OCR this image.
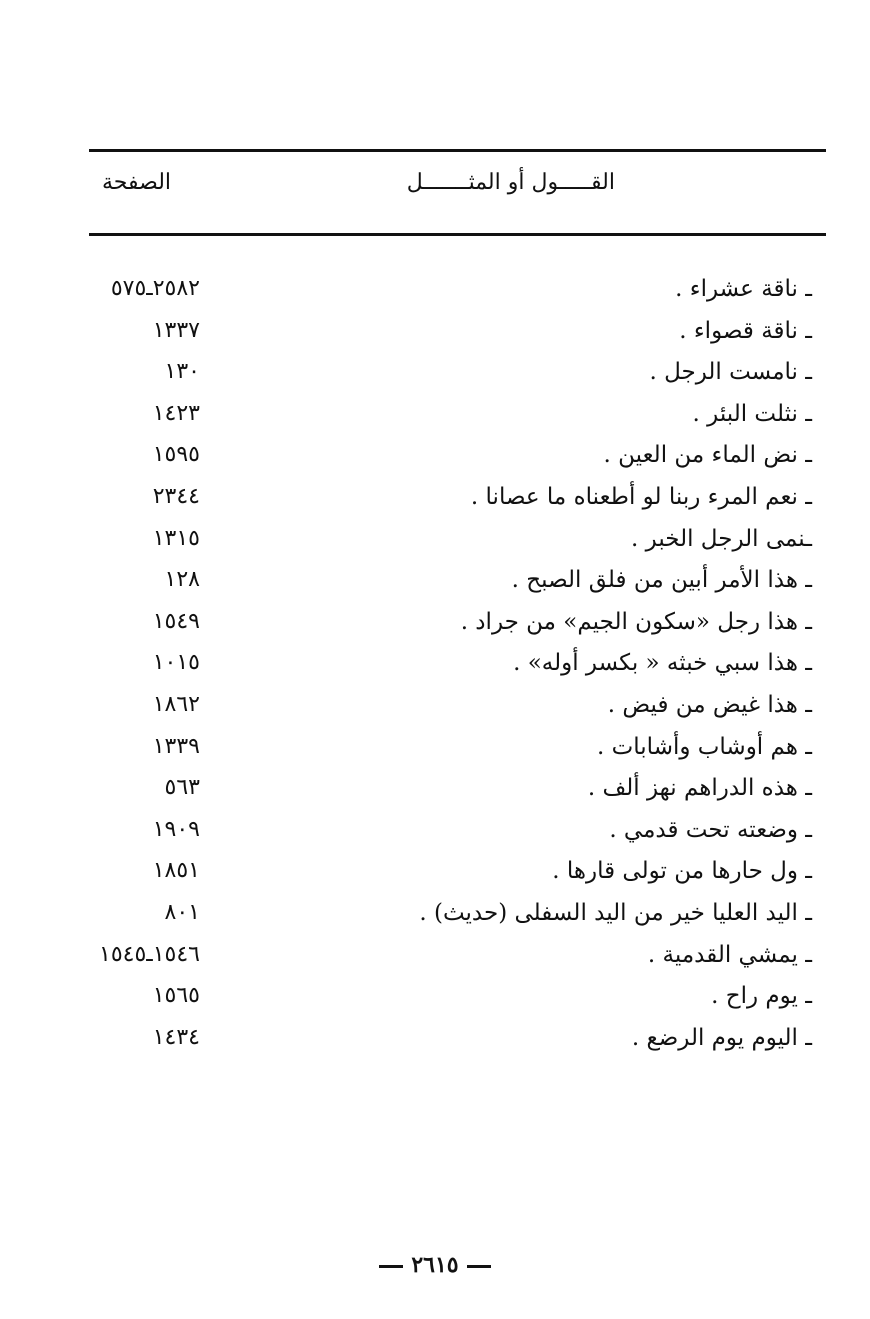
القـــــول أو المثـــــــل
الصفحة
ـ ناقة عشراء .
٢٥٨٢ـ٥٧٥
ـ ناقة قصواء .
١٣٣٧
ـ نامست الرجل .
١٣٠
ـ نثلت البئر .
١٤٢٣
ـ نض الماء من العين .
١٥٩٥
ـ نعم المرء ربنا لو أطعناه ما عصانا .
٢٣٤٤
ـنمى الرجل الخبر .
١٣١٥
ـ هذا الأمر أبين من فلق الصبح .
١٢٨
ـ هذا رجل «سكون الجيم» من جراد .
١٥٤٩
ـ هذا سبي خبثه « بكسر أوله» .
١٠١٥
ـ هذا غيض من فيض .
١٨٦٢
ـ هم أوشاب وأشابات .
١٣٣٩
ـ هذه الدراهم نهز ألف .
٥٦٣
ـ وضعته تحت قدمي .
١٩٠٩
ـ ول حارها من تولى قارها .
١٨٥١
ـ اليد العليا خير من اليد السفلى (حديث) .
٨٠١
ـ يمشي القدمية .
١٥٤٦ـ١٥٤٥
ـ يوم راح .
١٥٦٥
ـ اليوم يوم الرضع .
١٤٣٤
٢٦١٥
